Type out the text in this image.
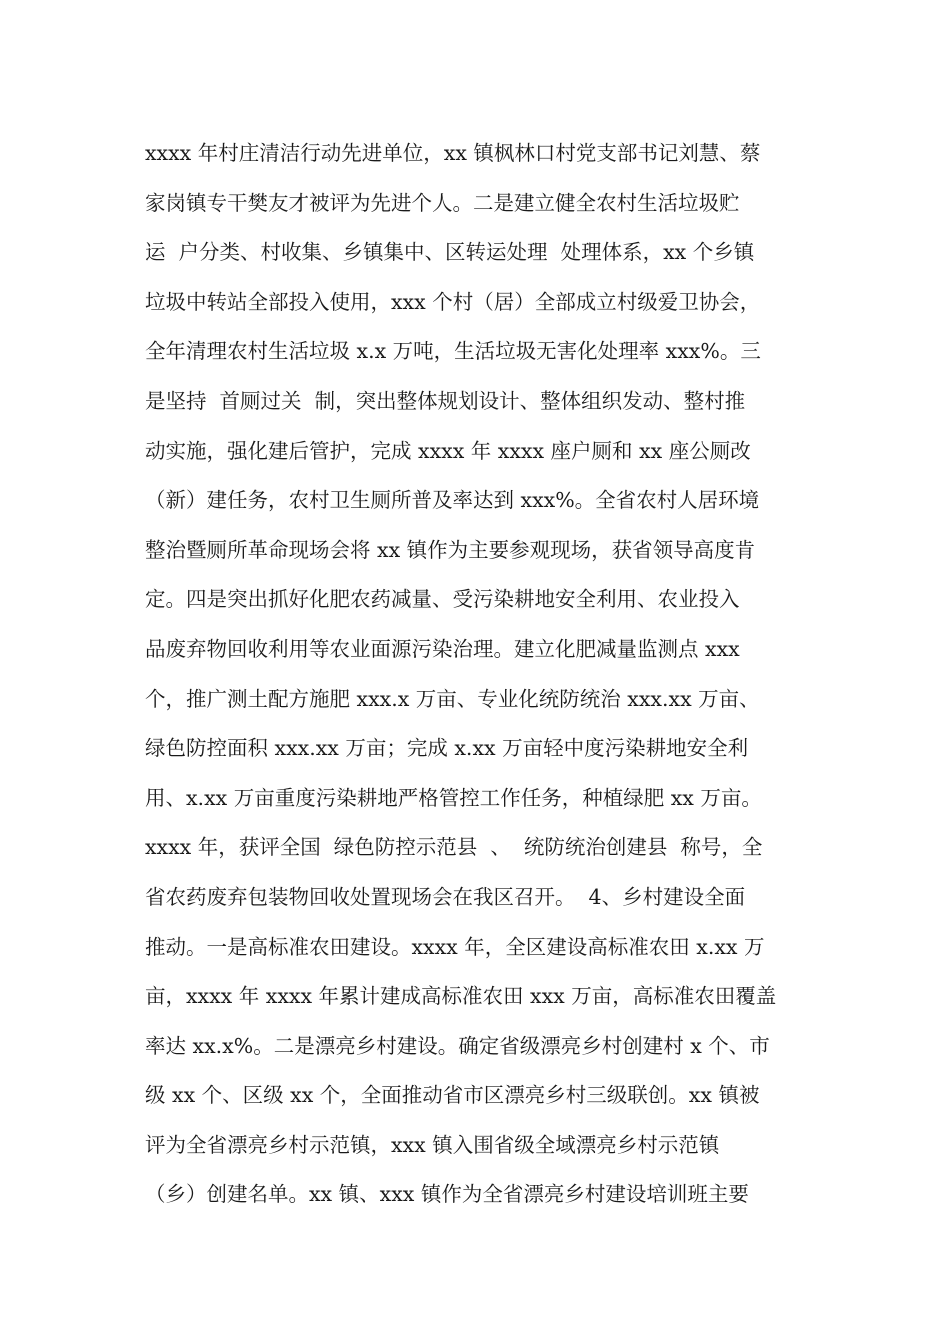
xxxx 年村庄清洁行动先进单位，xx 镇枫林口村党支部书记刘慧、蔡
家岗镇专干樊友才被评为先进个人。二是建立健全农村生活垃圾贮
运  户分类、村收集、乡镇集中、区转运处理  处理体系，xx 个乡镇
垃圾中转站全部投入使用，xxx 个村（居）全部成立村级爱卫协会，
全年清理农村生活垃圾 x.x 万吨，生活垃圾无害化处理率 xxx%。三
是坚持  首厕过关  制，突出整体规划设计、整体组织发动、整村推
动实施，强化建后管护，完成 xxxx 年 xxxx 座户厕和 xx 座公厕改
（新）建任务，农村卫生厕所普及率达到 xxx%。全省农村人居环境
整治暨厕所革命现场会将 xx 镇作为主要参观现场，获省领导高度肯
定。四是突出抓好化肥农药减量、受污染耕地安全利用、农业投入
品废弃物回收利用等农业面源污染治理。建立化肥减量监测点 xxx
个，推广测土配方施肥 xxx.x 万亩、专业化统防统治 xxx.xx 万亩、
绿色防控面积 xxx.xx 万亩；完成 x.xx 万亩轻中度污染耕地安全利
用、x.xx 万亩重度污染耕地严格管控工作任务，种植绿肥 xx 万亩。
xxxx 年，获评全国  绿色防控示范县  、  统防统治创建县  称号，全
省农药废弃包装物回收处置现场会在我区召开。  4、乡村建设全面
推动。一是高标准农田建设。xxxx 年，全区建设高标准农田 x.xx 万
亩，xxxx 年 xxxx 年累计建成高标准农田 xxx 万亩，高标准农田覆盖
率达 xx.x%。二是漂亮乡村建设。确定省级漂亮乡村创建村 x 个、市
级 xx 个、区级 xx 个，全面推动省市区漂亮乡村三级联创。xx 镇被
评为全省漂亮乡村示范镇，xxx 镇入围省级全域漂亮乡村示范镇
（乡）创建名单。xx 镇、xxx 镇作为全省漂亮乡村建设培训班主要
